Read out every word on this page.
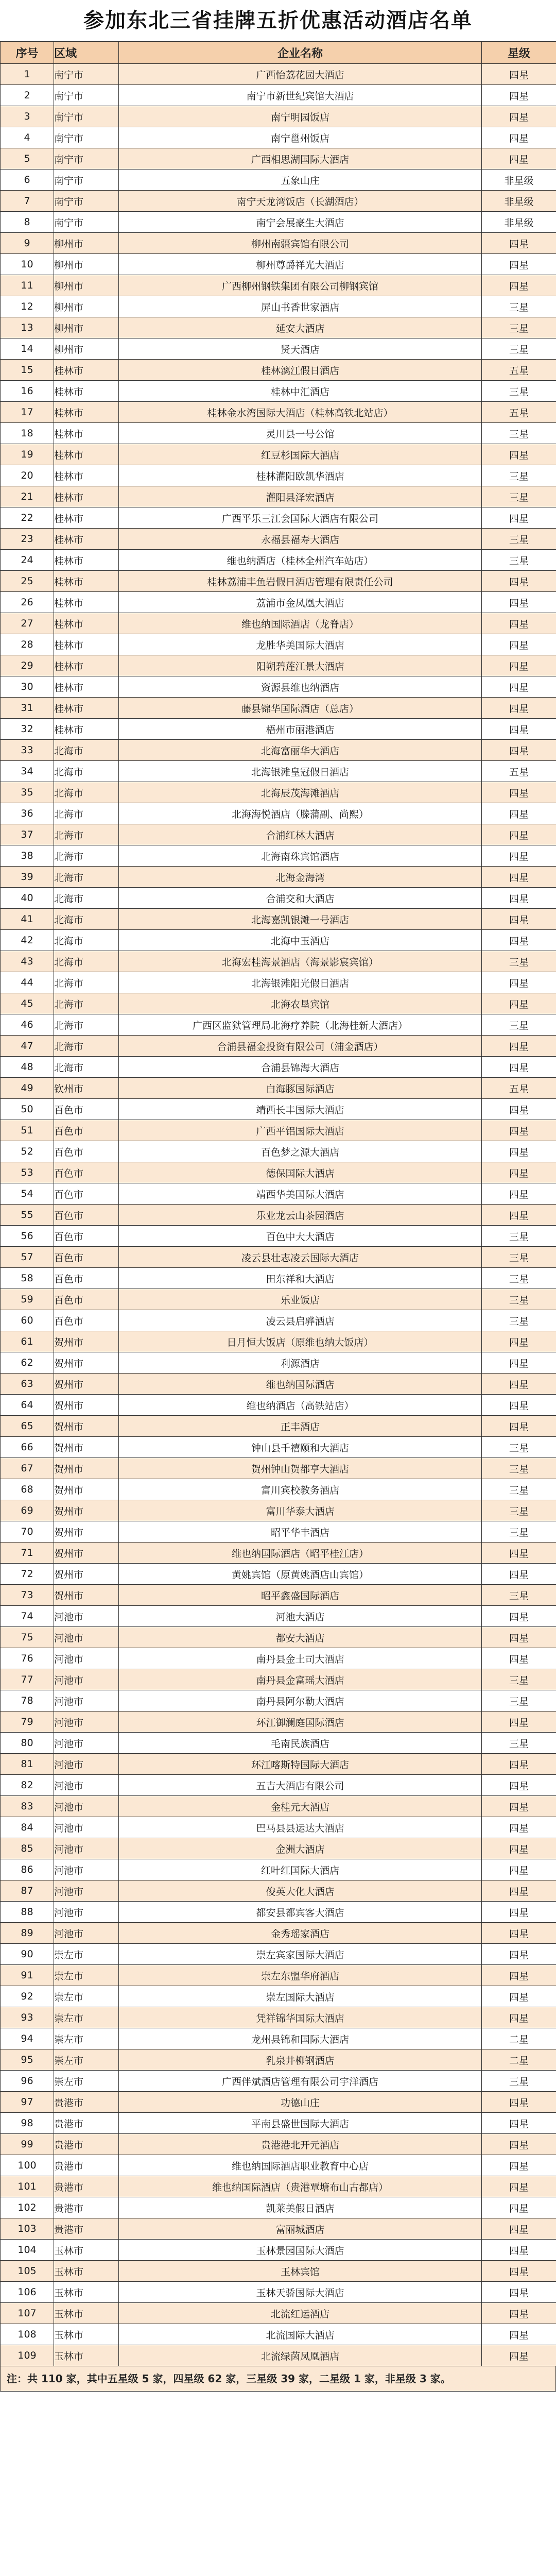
参加东北三省挂牌五折优惠活动酒店名单
序号	区域	企业名称	星级
1	南宁市	广西怡荔花园大酒店	四星
2	南宁市	南宁市新世纪宾馆大酒店	四星
3	南宁市	南宁明园饭店	四星
4	南宁市	南宁邕州饭店	四星
5	南宁市	广西相思湖国际大酒店	四星
6	南宁市	五象山庄	非星级
7	南宁市	南宁天龙湾饭店（长湖酒店）	非星级
8	南宁市	南宁会展豪生大酒店	非星级
9	柳州市	柳州南疆宾馆有限公司	四星
10	柳州市	柳州尊爵祥光大酒店	四星
11	柳州市	广西柳州钢铁集团有限公司柳钢宾馆	四星
12	柳州市	屏山书香世家酒店	三星
13	柳州市	延安大酒店	三星
14	柳州市	贤天酒店	三星
15	桂林市	桂林漓江假日酒店	五星
16	桂林市	桂林中汇酒店	三星
17	桂林市	桂林金水湾国际大酒店（桂林高铁北站店）	五星
18	桂林市	灵川县一号公馆	三星
19	桂林市	红豆杉国际大酒店	四星
20	桂林市	桂林灌阳欧凯华酒店	三星
21	桂林市	灌阳县泽宏酒店	三星
22	桂林市	广西平乐三江会国际大酒店有限公司	四星
23	桂林市	永福县福寿大酒店	三星
24	桂林市	维也纳酒店（桂林全州汽车站店）	三星
25	桂林市	桂林荔浦丰鱼岩假日酒店管理有限责任公司	四星
26	桂林市	荔浦市金凤凰大酒店	四星
27	桂林市	维也纳国际酒店（龙脊店）	四星
28	桂林市	龙胜华美国际大酒店	四星
29	桂林市	阳朔碧莲江景大酒店	四星
30	桂林市	资源县维也纳酒店	四星
31	桂林市	藤县锦华国际酒店（总店）	四星
32	桂林市	梧州市丽港酒店	四星
33	北海市	北海富丽华大酒店	四星
34	北海市	北海银滩皇冠假日酒店	五星
35	北海市	北海辰茂海滩酒店	四星
36	北海市	北海海悦酒店（滕蒲副、尚熙）	四星
37	北海市	合浦红林大酒店	四星
38	北海市	北海南珠宾馆酒店	四星
39	北海市	北海金海湾	四星
40	北海市	合浦交和大酒店	四星
41	北海市	北海嘉凯银滩一号酒店	四星
42	北海市	北海中玉酒店	四星
43	北海市	北海宏桂海景酒店（海景影宸宾馆）	三星
44	北海市	北海银滩阳光假日酒店	四星
45	北海市	北海农垦宾馆	四星
46	北海市	广西区监狱管理局北海疗养院（北海桂新大酒店）	三星
47	北海市	合浦县福金投资有限公司（浦金酒店）	四星
48	北海市	合浦县锦海大酒店	四星
49	钦州市	白海豚国际酒店	五星
50	百色市	靖西长丰国际大酒店	四星
51	百色市	广西平铝国际大酒店	四星
52	百色市	百色梦之源大酒店	四星
53	百色市	德保国际大酒店	四星
54	百色市	靖西华美国际大酒店	四星
55	百色市	乐业龙云山茶园酒店	四星
56	百色市	百色中大大酒店	三星
57	百色市	凌云县壮志凌云国际大酒店	三星
58	百色市	田东祥和大酒店	三星
59	百色市	乐业饭店	三星
60	百色市	凌云县启骅酒店	三星
61	贺州市	日月恒大饭店（原维也纳大饭店）	四星
62	贺州市	利源酒店	四星
63	贺州市	维也纳国际酒店	四星
64	贺州市	维也纳酒店（高铁站店）	四星
65	贺州市	正丰酒店	四星
66	贺州市	钟山县千禧颐和大酒店	三星
67	贺州市	贺州钟山贺都亨大酒店	三星
68	贺州市	富川宾校教务酒店	三星
69	贺州市	富川华泰大酒店	三星
70	贺州市	昭平华丰酒店	三星
71	贺州市	维也纳国际酒店（昭平桂江店）	四星
72	贺州市	黄姚宾馆（原黄姚酒店山宾馆）	四星
73	贺州市	昭平鑫盛国际酒店	三星
74	河池市	河池大酒店	四星
75	河池市	都安大酒店	四星
76	河池市	南丹县金土司大酒店	四星
77	河池市	南丹县金富瑶大酒店	三星
78	河池市	南丹县阿尔勒大酒店	三星
79	河池市	环江御澜庭国际酒店	四星
80	河池市	毛南民族酒店	三星
81	河池市	环江喀斯特国际大酒店	四星
82	河池市	五吉大酒店有限公司	四星
83	河池市	金桂元大酒店	四星
84	河池市	巴马县县运达大酒店	四星
85	河池市	金洲大酒店	四星
86	河池市	红叶红国际大酒店	四星
87	河池市	俊英大化大酒店	四星
88	河池市	都安县都宾客大酒店	四星
89	河池市	金秀瑶家酒店	四星
90	崇左市	崇左宾家国际大酒店	四星
91	崇左市	崇左东盟华府酒店	四星
92	崇左市	崇左国际大酒店	四星
93	崇左市	凭祥锦华国际大酒店	四星
94	崇左市	龙州县锦和国际大酒店	二星
95	崇左市	乳泉井柳钢酒店	二星
96	崇左市	广西伴斌酒店管理有限公司宇洋酒店	三星
97	贵港市	功德山庄	四星
98	贵港市	平南县盛世国际大酒店	四星
99	贵港市	贵港港北开元酒店	四星
100	贵港市	维也纳国际酒店职业教育中心店	四星
101	贵港市	维也纳国际酒店（贵港覃塘布山古都店）	四星
102	贵港市	凯莱美假日酒店	四星
103	贵港市	富丽城酒店	四星
104	玉林市	玉林景园国际大酒店	四星
105	玉林市	玉林宾馆	四星
106	玉林市	玉林天骄国际大酒店	四星
107	玉林市	北流红运酒店	四星
108	玉林市	北流国际大酒店	四星
109	玉林市	北流绿茵凤凰酒店	四星
注：共 110 家，其中五星级 5 家，四星级 62 家，三星级 39 家，二星级 1 家，非星级 3 家。
